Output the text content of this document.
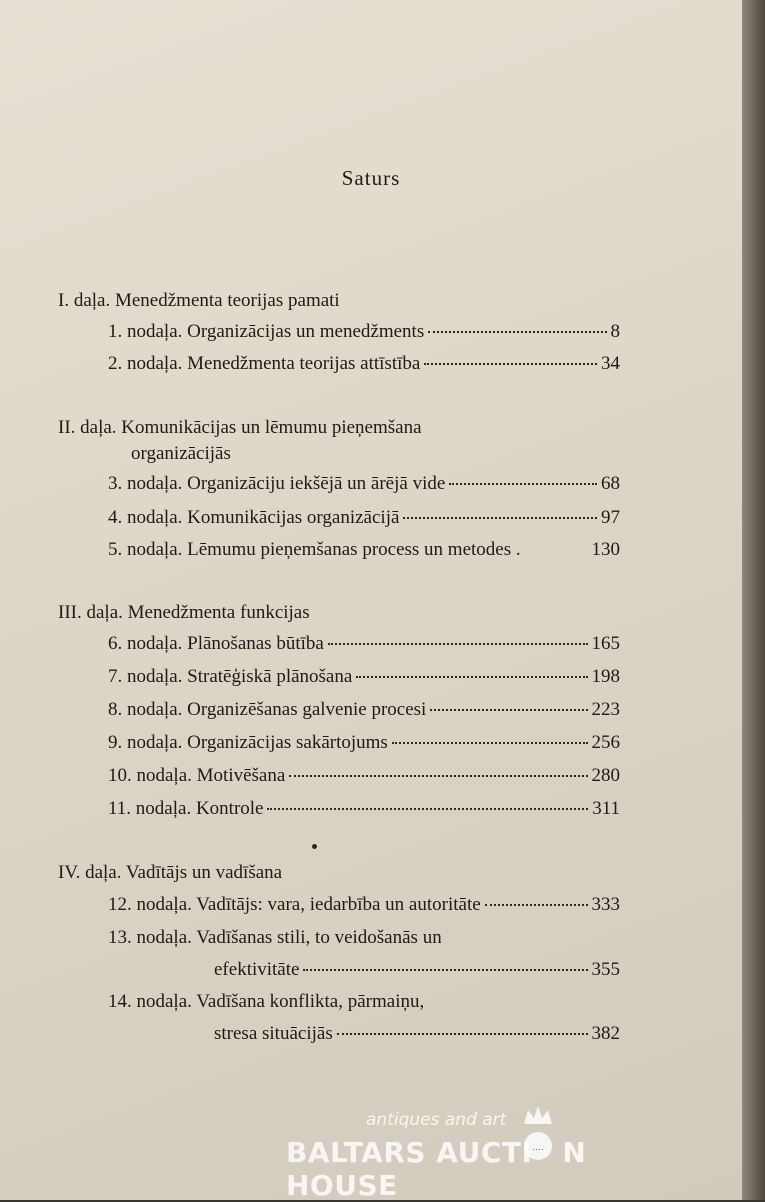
Saturs
I. daļa. Menedžmenta teorijas pamati
1. nodaļa. Organizācijas un menedžments	8
2. nodaļa. Menedžmenta teorijas attīstība	34
II. daļa. Komunikācijas un lēmumu pieņemšana
organizācijās
3. nodaļa. Organizāciju iekšējā un ārējā vide	68
4. nodaļa. Komunikācijas organizācijā	97
5. nodaļa. Lēmumu pieņemšanas process un metodes .	130
III. daļa. Menedžmenta funkcijas
6. nodaļa. Plānošanas būtība	165
7. nodaļa. Stratēģiskā plānošana	198
8. nodaļa. Organizēšanas galvenie procesi	223
9. nodaļa. Organizācijas sakārtojums	256
10. nodaļa. Motivēšana	280
11. nodaļa. Kontrole	311
IV. daļa. Vadītājs un vadīšana
12. nodaļa. Vadītājs: vara, iedarbība un autoritāte	333
13. nodaļa. Vadīšanas stili, to veidošanās un
efektivitāte	355
14. nodaļa. Vadīšana konflikta, pārmaiņu,
stresa situācijās	382
antiques and art
....
BALTARS AUCTI N HOUSE
